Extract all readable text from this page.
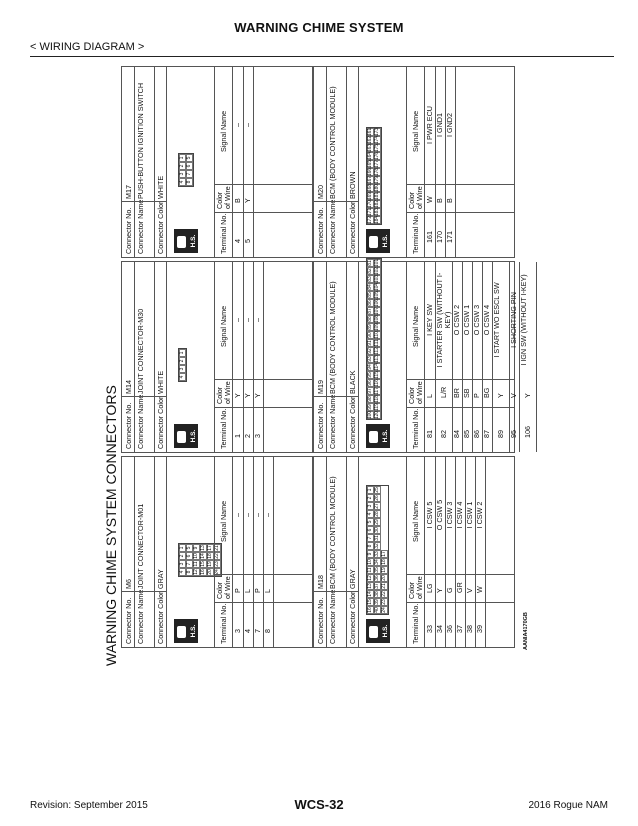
WARNING CHIME SYSTEM
< WIRING DIAGRAM >
WARNING CHIME SYSTEM CONNECTORS Connector No.
M6
Connector Name
JOINT CONNECTOR-M01
Connector Color
GRAY
H.S.
4
3
2
1
8
7
6
5
12
11
10
9
16
15
14
13
20
19
18
17
24
23
22
21
Terminal No.
Color of Wire
Signal Name
3
P
–
4
L
–
7
P
–
8
L
–
Connector No.
M14
Connector Name
JOINT CONNECTOR-M30
Connector Color
WHITE
H.S.
4
3
2
1
Terminal No.
Color of Wire
Signal Name
1
Y
–
2
Y
–
3
Y
–
Connector No.
M17
Connector Name
PUSH-BUTTON IGNITION SWITCH
Connector Color
WHITE
H.S.
4
3
2
1
8
7
6
5
Terminal No.
Color of Wire
Signal Name
4
B
–
5
Y
–
Connector No.
M18
Connector Name
BCM (BODY CONTROL MODULE)
Connector Color
GRAY
H.S.
16
15
14
13
12
11
10
9
8
7
6
5
4
3
2
1
40
39
38
37
36
35
34
33
32
31
30
29
28
27
26
25
24
23
22
21
20
19
18
17
Terminal No.
Color of Wire
Signal Name
33
LG
I CSW 5
34
Y
O CSW 5
36
G
I CSW 3
37
GR
I CSW 4
38
V
I CSW 1
39
W
I CSW 2
Connector No.
M19
Connector Name
BCM (BODY CONTROL MODULE)
Connector Color
BLACK
H.S.
100
99
98
97
96
95
94
93
92
91
90
89
88
87
86
85
84
83
82
81
120
119
118
117
116
115
114
113
112
111
110
109
108
107
106
105
104
103
102
101
Terminal No.
Color of Wire
Signal Name
81
L
I KEY SW
82
L/R
I STARTER SW (WITHOUT I-KEY)
84
BR
O CSW 2
85
SB
O CSW 1
86
P
O CSW 3
87
BG
O CSW 4
89
Y
I START WO ESCL SW
95
V
I SHORTING PIN
106
Y
I IGN SW (WITHOUT I-KEY)
Connector No.
M20
Connector Name
BCM (BODY CONTROL MODULE)
Connector Color
BROWN
H.S.
172
171
170
169
168
167
166
165
164
163
162
161
184
183
182
181
180
179
178
177
176
175
174
173
Terminal No.
Color of Wire
Signal Name
161
W
I PWR ECU
170
B
I GND1
171
B
I GND2
AANIA4170GB
Revision: September 2015	WCS-32	2016 Rogue NAM
